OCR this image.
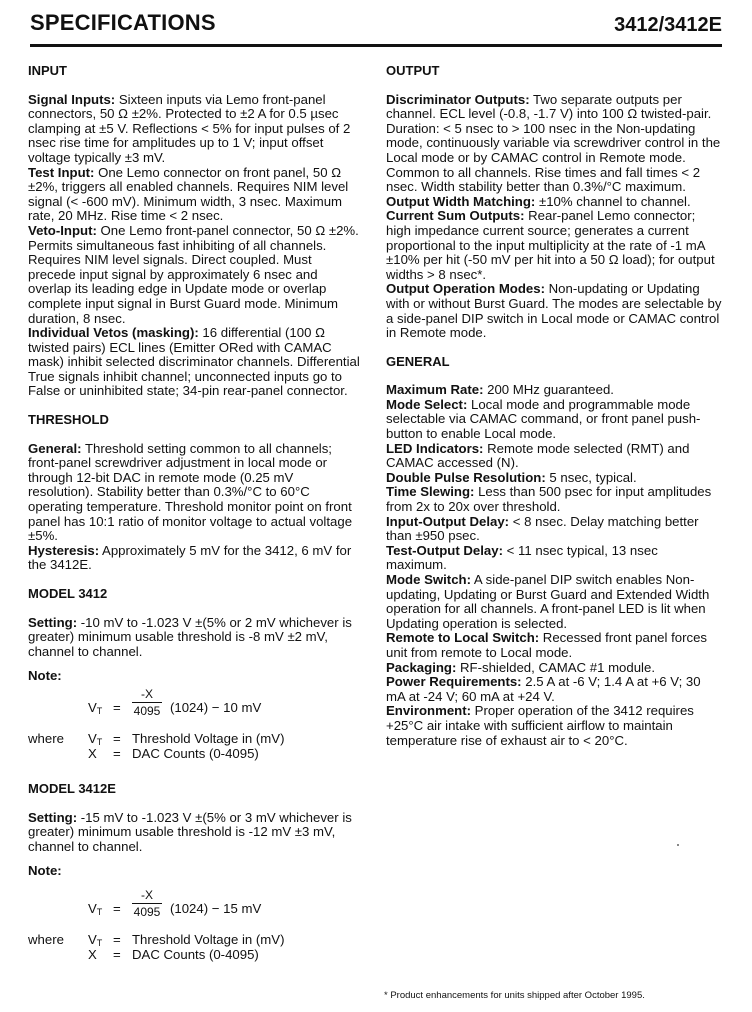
SPECIFICATIONS	3412/3412E
INPUT

Signal Inputs: Sixteen inputs via Lemo front-panel connectors, 50 Ω ±2%. Protected to ±2 A for 0.5 µsec clamping at ±5 V. Reflections < 5% for input pulses of 2 nsec rise time for amplitudes up to 1 V; input offset voltage typically ±3 mV.

Test Input: One Lemo connector on front panel, 50 Ω ±2%, triggers all enabled channels. Requires NIM level signal (< -600 mV). Minimum width, 3 nsec. Maximum rate, 20 MHz. Rise time < 2 nsec.

Veto-Input: One Lemo front-panel connector, 50 Ω ±2%. Permits simultaneous fast inhibiting of all channels. Requires NIM level signals. Direct coupled. Must precede input signal by approximately 6 nsec and overlap its leading edge in Update mode or overlap complete input signal in Burst Guard mode. Minimum duration, 8 nsec.

Individual Vetos (masking): 16 differential (100 Ω twisted pairs) ECL lines (Emitter ORed with CAMAC mask) inhibit selected discriminator channels. Differential True signals inhibit channel; unconnected inputs go to False or uninhibited state; 34-pin rear-panel connector.

THRESHOLD

General: Threshold setting common to all channels; front-panel screwdriver adjustment in local mode or through 12-bit DAC in remote mode (0.25 mV resolution). Stability better than 0.3%/°C to 60°C operating temperature. Threshold monitor point on front panel has 10:1 ratio of monitor voltage to actual voltage ±5%.

Hysteresis: Approximately 5 mV for the 3412, 6 mV for the 3412E.

MODEL 3412

Setting: -10 mV to -1.023 V ±(5% or 2 mV whichever is greater) minimum usable threshold is -8 mV ±2 mV, channel to channel.

Note:
$V_T = \frac{-X}{4095} (1024) - 10$ mV
where $V_T$ = Threshold Voltage in (mV)
X = DAC Counts (0-4095)
MODEL 3412E

Setting: -15 mV to -1.023 V ±(5% or 3 mV whichever is greater) minimum usable threshold is -12 mV ±3 mV, channel to channel.

Note:
$V_T = \frac{-X}{4095} (1024) - 15$ mV
where $V_T$ = Threshold Voltage in (mV)
X = DAC Counts (0-4095)
OUTPUT

Discriminator Outputs: Two separate outputs per channel. ECL level (-0.8, -1.7 V) into 100 Ω twisted-pair. Duration: < 5 nsec to > 100 nsec in the Non-updating mode, continuously variable via screwdriver control in the Local mode or by CAMAC control in Remote mode. Common to all channels. Rise times and fall times < 2 nsec. Width stability better than 0.3%/°C maximum.

Output Width Matching: ±10% channel to channel.

Current Sum Outputs: Rear-panel Lemo connector; high impedance current source; generates a current proportional to the input multiplicity at the rate of -1 mA ±10% per hit (-50 mV per hit into a 50 Ω load); for output widths > 8 nsec*.

Output Operation Modes: Non-updating or Updating with or without Burst Guard. The modes are selectable by a side-panel DIP switch in Local mode or CAMAC control in Remote mode.

GENERAL

Maximum Rate: 200 MHz guaranteed.

Mode Select: Local mode and programmable mode selectable via CAMAC command, or front panel push-button to enable Local mode.

LED Indicators: Remote mode selected (RMT) and CAMAC accessed (N).

Double Pulse Resolution: 5 nsec, typical.

Time Slewing: Less than 500 psec for input amplitudes from 2x to 20x over threshold.

Input-Output Delay: < 8 nsec. Delay matching better than ±950 psec.

Test-Output Delay: < 11 nsec typical, 13 nsec maximum.

Mode Switch: A side-panel DIP switch enables Non-updating, Updating or Burst Guard and Extended Width operation for all channels. A front-panel LED is lit when Updating operation is selected.

Remote to Local Switch: Recessed front panel forces unit from remote to Local mode.

Packaging: RF-shielded, CAMAC #1 module.

Power Requirements: 2.5 A at -6 V; 1.4 A at +6 V; 30 mA at -24 V; 60 mA at +24 V.

Environment: Proper operation of the 3412 requires +25°C air intake with sufficient airflow to maintain temperature rise of exhaust air to < 20°C.

* Product enhancements for units shipped after October 1995.
